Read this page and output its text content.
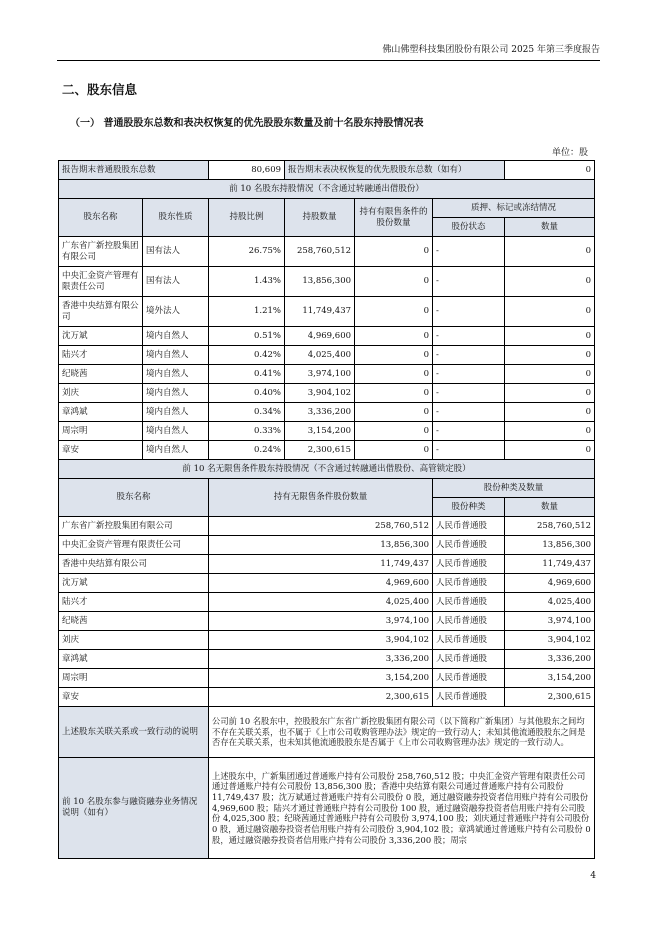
佛山佛塑科技集团股份有限公司 2025 年第三季度报告
二、股东信息
（一） 普通股股东总数和表决权恢复的优先股股东数量及前十名股东持股情况表
单位：股
报告期末普通股股东总数		80,609	报告期末表决权恢复的优先股股东总数（如有）			0
前 10 名股东持股情况（不含通过转融通出借股份）						
股东名称	股东性质	持股比例	持股数量	持有有限售条件的股份数量	质押、标记或冻结情况	
					股份状态	数量
广东省广新控股集团有限公司	国有法人	26.75%	258,760,512	0	-	0
中央汇金资产管理有限责任公司	国有法人	1.43%	13,856,300	0	-	0
香港中央结算有限公司	境外法人	1.21%	11,749,437	0	-	0
沈万斌	境内自然人	0.51%	4,969,600	0	-	0
陆兴才	境内自然人	0.42%	4,025,400	0	-	0
纪晓茜	境内自然人	0.41%	3,974,100	0	-	0
刘庆	境内自然人	0.40%	3,904,102	0	-	0
章鸿斌	境内自然人	0.34%	3,336,200	0	-	0
周宗明	境内自然人	0.33%	3,154,200	0	-	0
章安	境内自然人	0.24%	2,300,615	0	-	0
前 10 名无限售条件股东持股情况（不含通过转融通出借股份、高管锁定股）						
股东名称		持有无限售条件股份数量			股份种类及数量	
					股份种类	数量
广东省广新控股集团有限公司		258,760,512			人民币普通股	258,760,512
中央汇金资产管理有限责任公司		13,856,300			人民币普通股	13,856,300
香港中央结算有限公司		11,749,437			人民币普通股	11,749,437
沈万斌		4,969,600			人民币普通股	4,969,600
陆兴才		4,025,400			人民币普通股	4,025,400
纪晓茜		3,974,100			人民币普通股	3,974,100
刘庆		3,904,102			人民币普通股	3,904,102
章鸿斌		3,336,200			人民币普通股	3,336,200
周宗明		3,154,200			人民币普通股	3,154,200
章安		2,300,615			人民币普通股	2,300,615
上述股东关联关系或一致行动的说明		公司前 10 名股东中，控股股东广东省广新控股集团有限公司（以下简称广新集团）与其他股东之间均不存在关联关系，也不属于《上市公司收购管理办法》规定的一致行动人；未知其他流通股股东之间是否存在关联关系，也未知其他流通股股东是否属于《上市公司收购管理办法》规定的一致行动人。				
前 10 名股东参与融资融券业务情况说明（如有）		上述股东中，广新集团通过普通账户持有公司股份 258,760,512 股；中央汇金资产管理有限责任公司通过普通账户持有公司股份 13,856,300 股；香港中央结算有限公司通过普通账户持有公司股份 11,749,437 股；沈万斌通过普通账户持有公司股份 0 股，通过融资融券投资者信用账户持有公司股份 4,969,600 股；陆兴才通过普通账户持有公司股份 100 股，通过融资融券投资者信用账户持有公司股份 4,025,300 股；纪晓茜通过普通账户持有公司股份 3,974,100 股；刘庆通过普通账户持有公司股份 0 股，通过融资融券投资者信用账户持有公司股份 3,904,102 股；章鸿斌通过普通账户持有公司股份 0 股，通过融资融券投资者信用账户持有公司股份 3,336,200 股；周宗				
4
